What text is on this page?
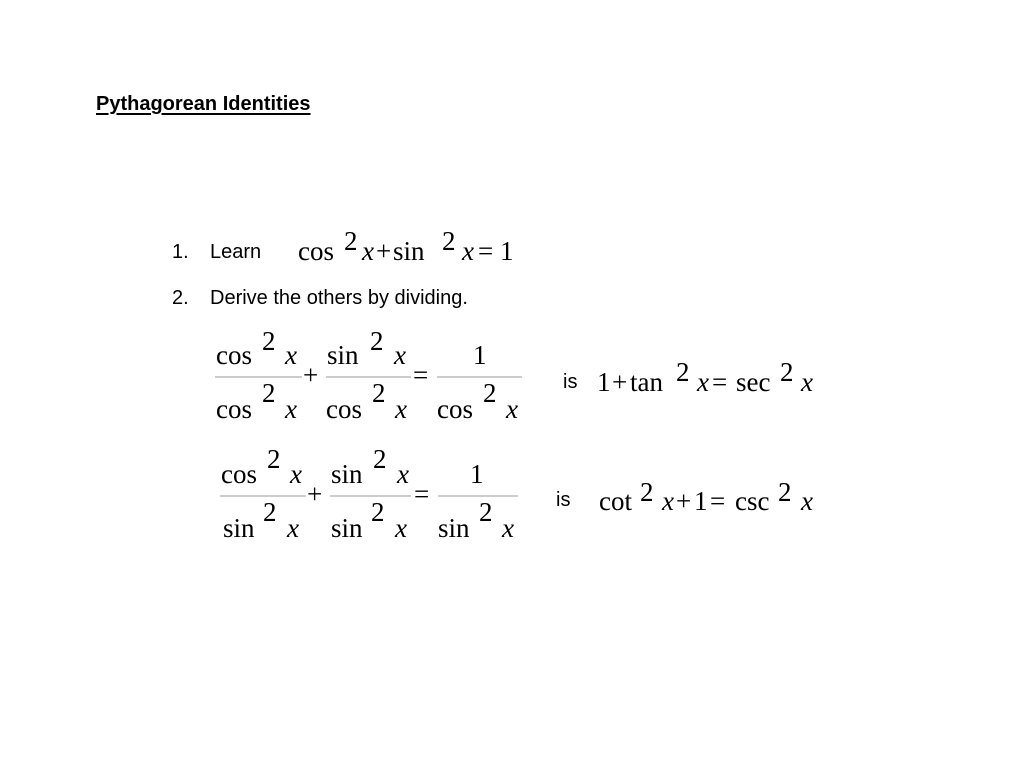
Pythagorean Identities
1. Learn
2. Derive the others by dividing.
is
is
cos 2 x + sin 2 x = 1
cos 2 x
cos
2
x
+
sin 2 x
cos
2
x
=
1
cos
2
x
1 + tan 2 x = sec 2 x
cos 2 x
sin
2
x
+
sin 2 x
sin
2
x
=
1
sin
2
x
cot 2 x + 1 = csc 2 x
